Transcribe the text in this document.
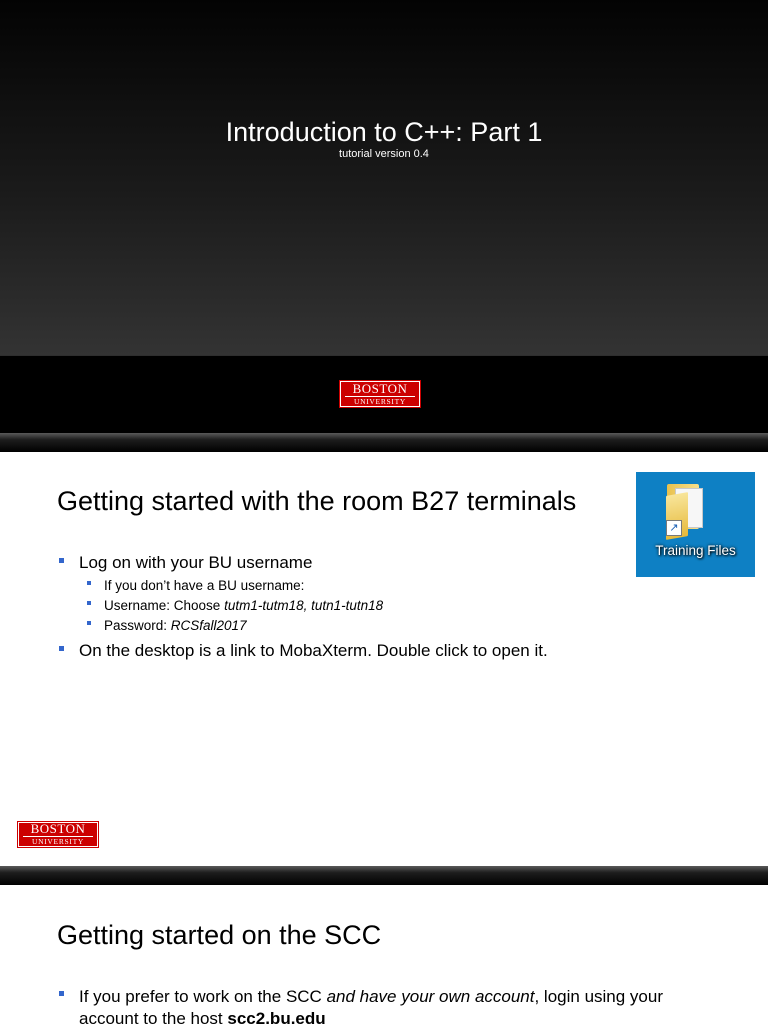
Introduction to C++: Part 1
tutorial version 0.4
BOSTON
UNIVERSITY
Getting started with the room B27 terminals
↗
Training Files
Log on with your BU username
If you don’t have a BU username:
Username: Choose tutm1-tutm18, tutn1-tutn18
Password: RCSfall2017
On the desktop is a link to MobaXterm. Double click to open it.
BOSTON
UNIVERSITY
Getting started on the SCC
If you prefer to work on the SCC and have your own account, login using your account to the host scc2.bu.edu
